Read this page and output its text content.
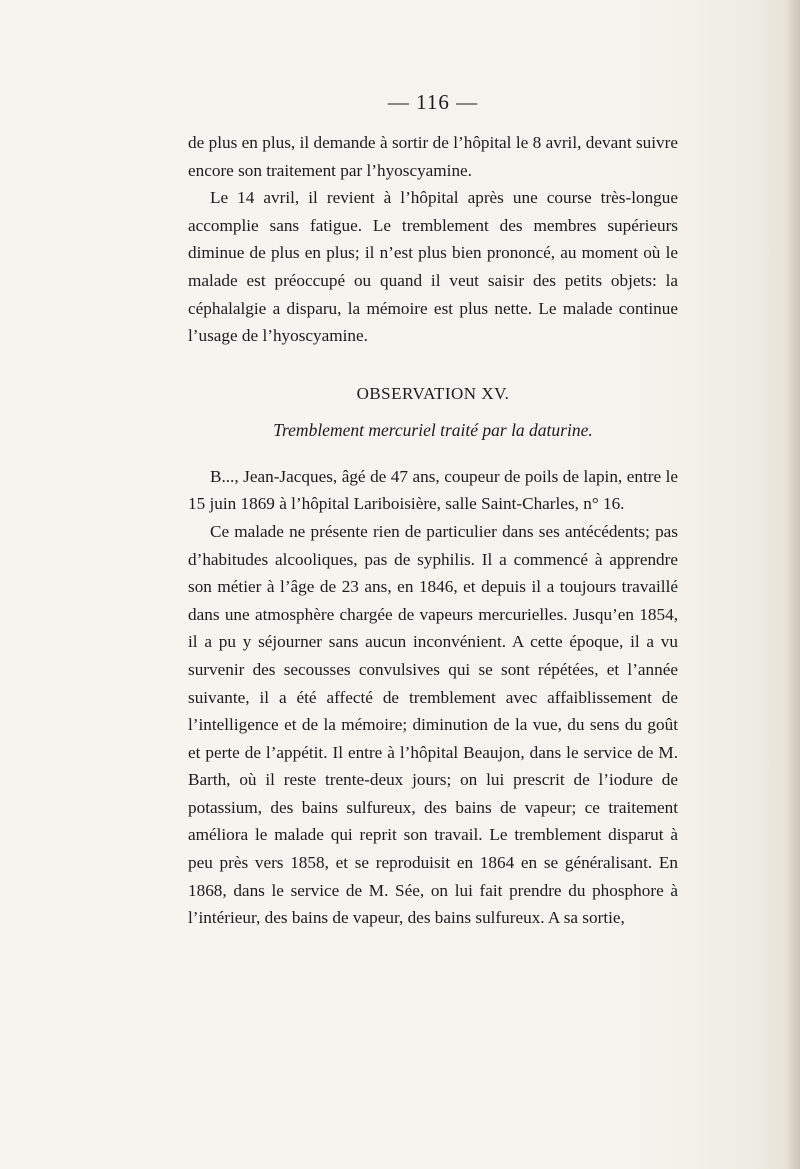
— 116 —

de plus en plus, il demande à sortir de l’hôpital le 8 avril, devant suivre encore son traitement par l’hyoscyamine.

Le 14 avril, il revient à l’hôpital après une course très-longue accomplie sans fatigue. Le tremblement des membres supérieurs diminue de plus en plus; il n’est plus bien prononcé, au moment où le malade est préoccupé ou quand il veut saisir des petits objets: la céphalalgie a disparu, la mémoire est plus nette. Le malade continue l’usage de l’hyoscyamine.

OBSERVATION XV.
Tremblement mercuriel traité par la daturine.

B..., Jean-Jacques, âgé de 47 ans, coupeur de poils de lapin, entre le 15 juin 1869 à l’hôpital Lariboisière, salle Saint-Charles, n° 16.

Ce malade ne présente rien de particulier dans ses antécédents; pas d’habitudes alcooliques, pas de syphilis. Il a commencé à apprendre son métier à l’âge de 23 ans, en 1846, et depuis il a toujours travaillé dans une atmosphère chargée de vapeurs mercurielles. Jusqu’en 1854, il a pu y séjourner sans aucun inconvénient. A cette époque, il a vu survenir des secousses convulsives qui se sont répétées, et l’année suivante, il a été affecté de tremblement avec affaiblissement de l’intelligence et de la mémoire; diminution de la vue, du sens du goût et perte de l’appétit. Il entre à l’hôpital Beaujon, dans le service de M. Barth, où il reste trente-deux jours; on lui prescrit de l’iodure de potassium, des bains sulfureux, des bains de vapeur; ce traitement améliora le malade qui reprit son travail. Le tremblement disparut à peu près vers 1858, et se reproduisit en 1864 en se généralisant. En 1868, dans le service de M. Sée, on lui fait prendre du phosphore à l’intérieur, des bains de vapeur, des bains sulfureux. A sa sortie,
